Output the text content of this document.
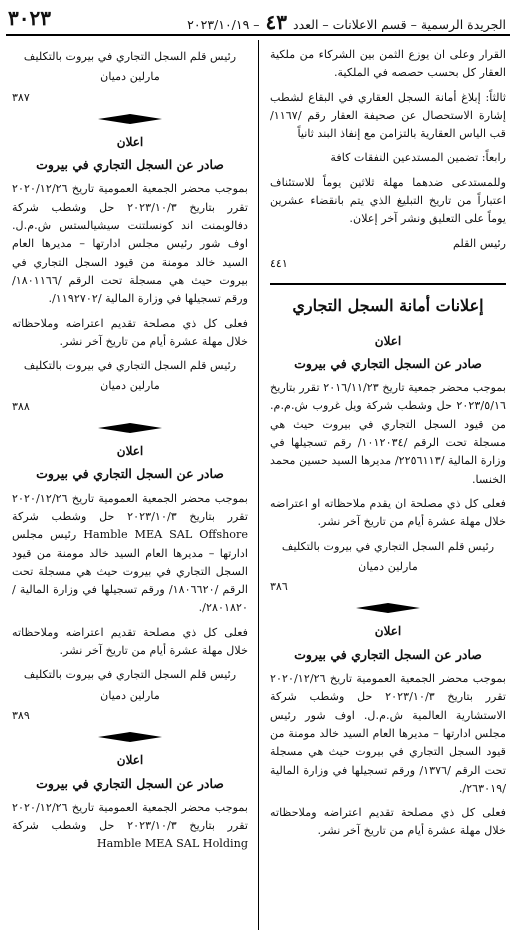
٣٠٢٣	الجريدة الرسمية – قسم الاعلانات – العدد ٤٣ – ٢٠٢٣/١٠/١٩

القرار وعلى ان يوزع الثمن بين الشركاء من ملكية العقار كل بحسب حصصه في الملكية.

ثالثاً: إبلاغ أمانة السجل العقاري في البقاع لشطب إشارة الاستحصال عن صحيفة العقار رقم /١١٦٧/ قب الياس العقارية بالتزامن مع إنفاذ البند ثانياً

رابعاً: تضمين المستدعين النفقات كافة

وللمستدعى ضدهما مهلة ثلاثين يوماً للاستئناف اعتباراً من تاريخ التبليغ الذي يتم بانقضاء عشرين يوماً على التعليق ونشر آخر إعلان.

رئيس القلم
٤٤١
إعلانات أمانة السجل التجاري
اعلان
صادر عن السجل التجاري في بيروت

بموجب محضر جمعية تاريخ ٢٠١٦/١١/٢٣ تقرر بتاريخ ٢٠٢٣/٥/١٦ حل وشطب شركة ويل غروب ش.م.م. من قيود السجل التجاري في بيروت حيث هي مسجلة تحت الرقم /١٠١٢٠٣٤/ رقم تسجيلها في وزارة المالية /٢٢٥٦١١٣/ مديرها السيد حسين محمد الخنسا.

فعلى كل ذي مصلحة ان يقدم ملاحظاته او اعتراضه خلال مهلة عشرة أيام من تاريخ آخر نشر.

رئيس قلم السجل التجاري في بيروت بالتكليف
مارلين دميان
٣٨٦
اعلان
صادر عن السجل التجاري في بيروت

بموجب محضر الجمعية العمومية تاريخ ٢٠٢٠/١٢/٢٦ تقرر بتاريخ ٢٠٢٣/١٠/٣ حل وشطب شركة الاستشارية العالمية ش.م.ل. اوف شور رئيس مجلس ادارتها – مديرها العام السيد خالد مومنة من قيود السجل التجاري في بيروت حيث هي مسجلة تحت الرقم /١٣٧٦/ ورقم تسجيلها في وزارة المالية /٢٦٣٠١٩/.

فعلى كل ذي مصلحة تقديم اعتراضه وملاحظاته خلال مهلة عشرة أيام من تاريخ آخر نشر.

رئيس قلم السجل التجاري في بيروت بالتكليف
مارلين دميان
٣٨٧
اعلان
صادر عن السجل التجاري في بيروت

بموجب محضر الجمعية العمومية تاريخ ٢٠٢٠/١٢/٢٦ تقرر بتاريخ ٢٠٢٣/١٠/٣ حل وشطب شركة دفالوبمنت اند كونسلتنت سيشيالستس ش.م.ل. اوف شور رئيس مجلس ادارتها – مديرها العام السيد خالد مومنة من قيود السجل التجاري في بيروت حيث هي مسجلة تحت الرقم /١٨٠١١٦٦/ ورقم تسجيلها في وزارة المالية /١١٩٢٧٠٢/.

فعلى كل ذي مصلحة تقديم اعتراضه وملاحظاته خلال مهلة عشرة أيام من تاريخ آخر نشر.

رئيس قلم السجل التجاري في بيروت بالتكليف
مارلين دميان
٣٨٨
اعلان
صادر عن السجل التجاري في بيروت

بموجب محضر الجمعية العمومية تاريخ ٢٠٢٠/١٢/٢٦ تقرر بتاريخ ٢٠٢٣/١٠/٣ حل وشطب شركة Hamble MEA SAL Offshore رئيس مجلس ادارتها – مديرها العام السيد خالد مومنة من قيود السجل التجاري في بيروت حيث هي مسجلة تحت الرقم /١٨٠٦٦٢٠/ ورقم تسجيلها في وزارة المالية /٢٨٠١٨٢٠/.

فعلى كل ذي مصلحة تقديم اعتراضه وملاحظاته خلال مهلة عشرة أيام من تاريخ آخر نشر.

رئيس قلم السجل التجاري في بيروت بالتكليف
مارلين دميان
٣٨٩
اعلان
صادر عن السجل التجاري في بيروت

بموجب محضر الجمعية العمومية تاريخ ٢٠٢٠/١٢/٢٦ تقرر بتاريخ ٢٠٢٣/١٠/٣ حل وشطب شركة Hamble MEA SAL Holding
